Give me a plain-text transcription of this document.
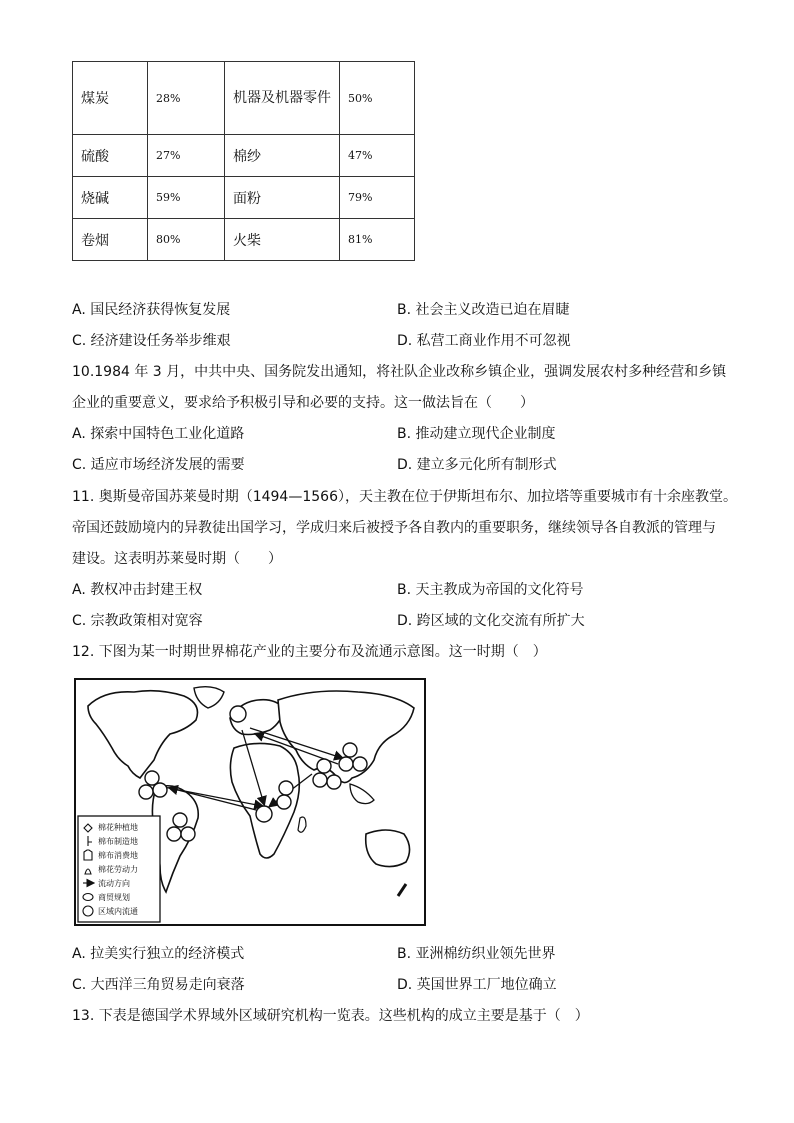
煤炭	28%	机器及机器零件	50%
硫酸	27%	棉纱	47%
烧碱	59%	面粉	79%
卷烟	80%	火柴	81%
A. 国民经济获得恢复发展	B. 社会主义改造已迫在眉睫
C. 经济建设任务举步维艰	D. 私营工商业作用不可忽视
10.1984 年 3 月，中共中央、国务院发出通知，将社队企业改称乡镇企业，强调发展农村多种经营和乡镇
企业的重要意义，要求给予积极引导和必要的支持。这一做法旨在（　　）
A. 探索中国特色工业化道路	B. 推动建立现代企业制度
C. 适应市场经济发展的需要	D. 建立多元化所有制形式
11. 奥斯曼帝国苏莱曼时期（1494—1566），天主教在位于伊斯坦布尔、加拉塔等重要城市有十余座教堂。
帝国还鼓励境内的异教徒出国学习，学成归来后被授予各自教内的重要职务，继续领导各自教派的管理与
建设。这表明苏莱曼时期（　　）
A. 教权冲击封建王权	B. 天主教成为帝国的文化符号
C. 宗教政策相对宽容	D. 跨区域的文化交流有所扩大
12. 下图为某一时期世界棉花产业的主要分布及流通示意图。这一时期（　）
棉花种植地
棉布制造地
棉布消费地
棉花劳动力
流动方向
商贸规划
区域内流通
A. 拉美实行独立的经济模式	B. 亚洲棉纺织业领先世界
C. 大西洋三角贸易走向衰落	D. 英国世界工厂地位确立
13. 下表是德国学术界域外区域研究机构一览表。这些机构的成立主要是基于（　）
